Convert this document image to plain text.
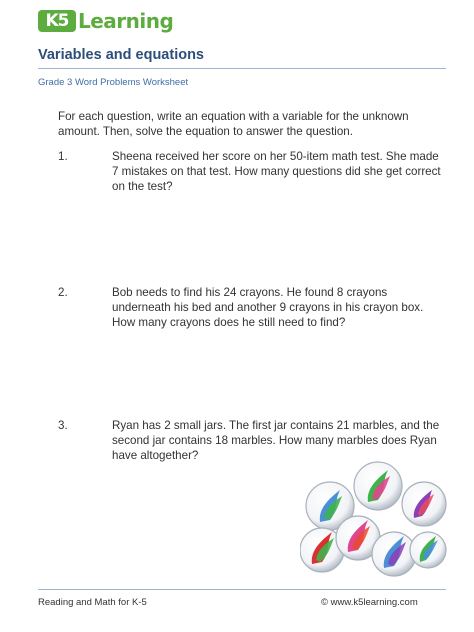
K5 Learning
Variables and equations
Grade 3 Word Problems Worksheet
For each question, write an equation with a variable for the unknown amount. Then, solve the equation to answer the question.
1.	Sheena received her score on her 50-item math test. She made 7 mistakes on that test. How many questions did she get correct on the test?
2.	Bob needs to find his 24 crayons. He found 8 crayons underneath his bed and another 9 crayons in his crayon box. How many crayons does he still need to find?
3.	Ryan has 2 small jars. The first jar contains 21 marbles, and the second jar contains 18 marbles. How many marbles does Ryan have altogether?
Reading and Math for K-5	© www.k5learning.com
